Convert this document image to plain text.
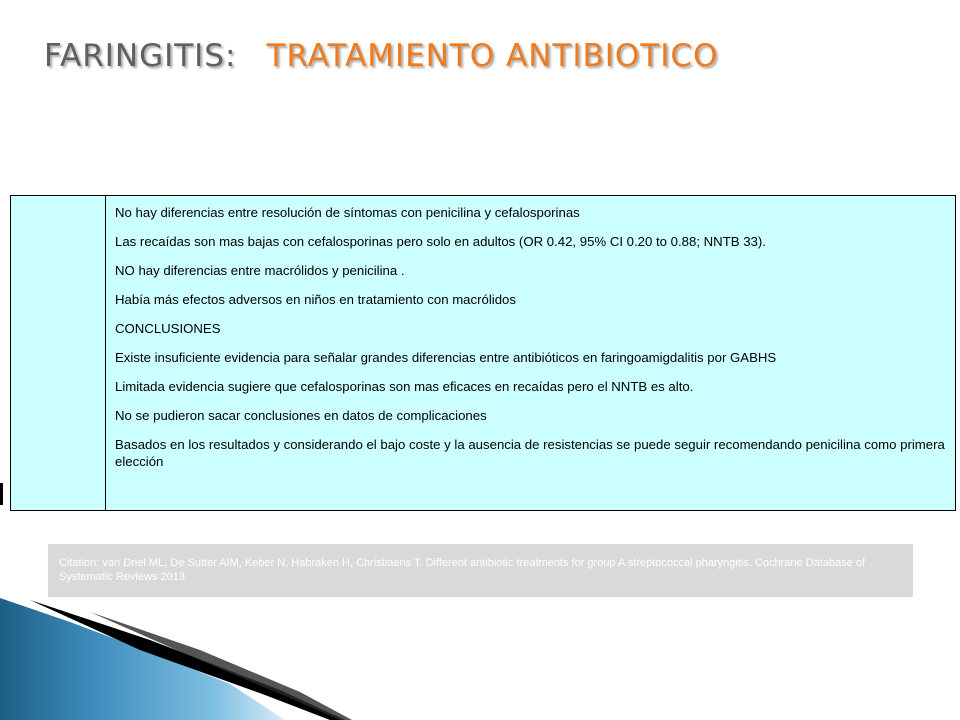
FARINGITIS: TRATAMIENTO ANTIBIOTICO

No hay diferencias entre resolución de síntomas con penicilina y cefalosporinas

Las recaídas son mas bajas con cefalosporinas pero solo en adultos (OR 0.42, 95% CI 0.20 to 0.88; NNTB 33).

NO hay diferencias entre macrólidos y penicilina .

Había más efectos adversos en niños en tratamiento con macrólidos

CONCLUSIONES

Existe insuficiente evidencia para señalar grandes diferencias entre antibióticos en faringoamigdalitis por GABHS

Limitada evidencia sugiere que cefalosporinas son mas eficaces en recaídas pero el NNTB es alto.

No se pudieron sacar conclusiones en datos de complicaciones

Basados en los resultados y considerando el bajo coste y la ausencia de resistencias se puede seguir recomendando penicilina como primera elección

Citation: van Driel ML, De Sutter AIM, Keber N, Habraken H, Christiaens T. Different antibiotic treatments for group A streptococcal pharyngitis. Cochrane Database of Systematic Reviews 2013
